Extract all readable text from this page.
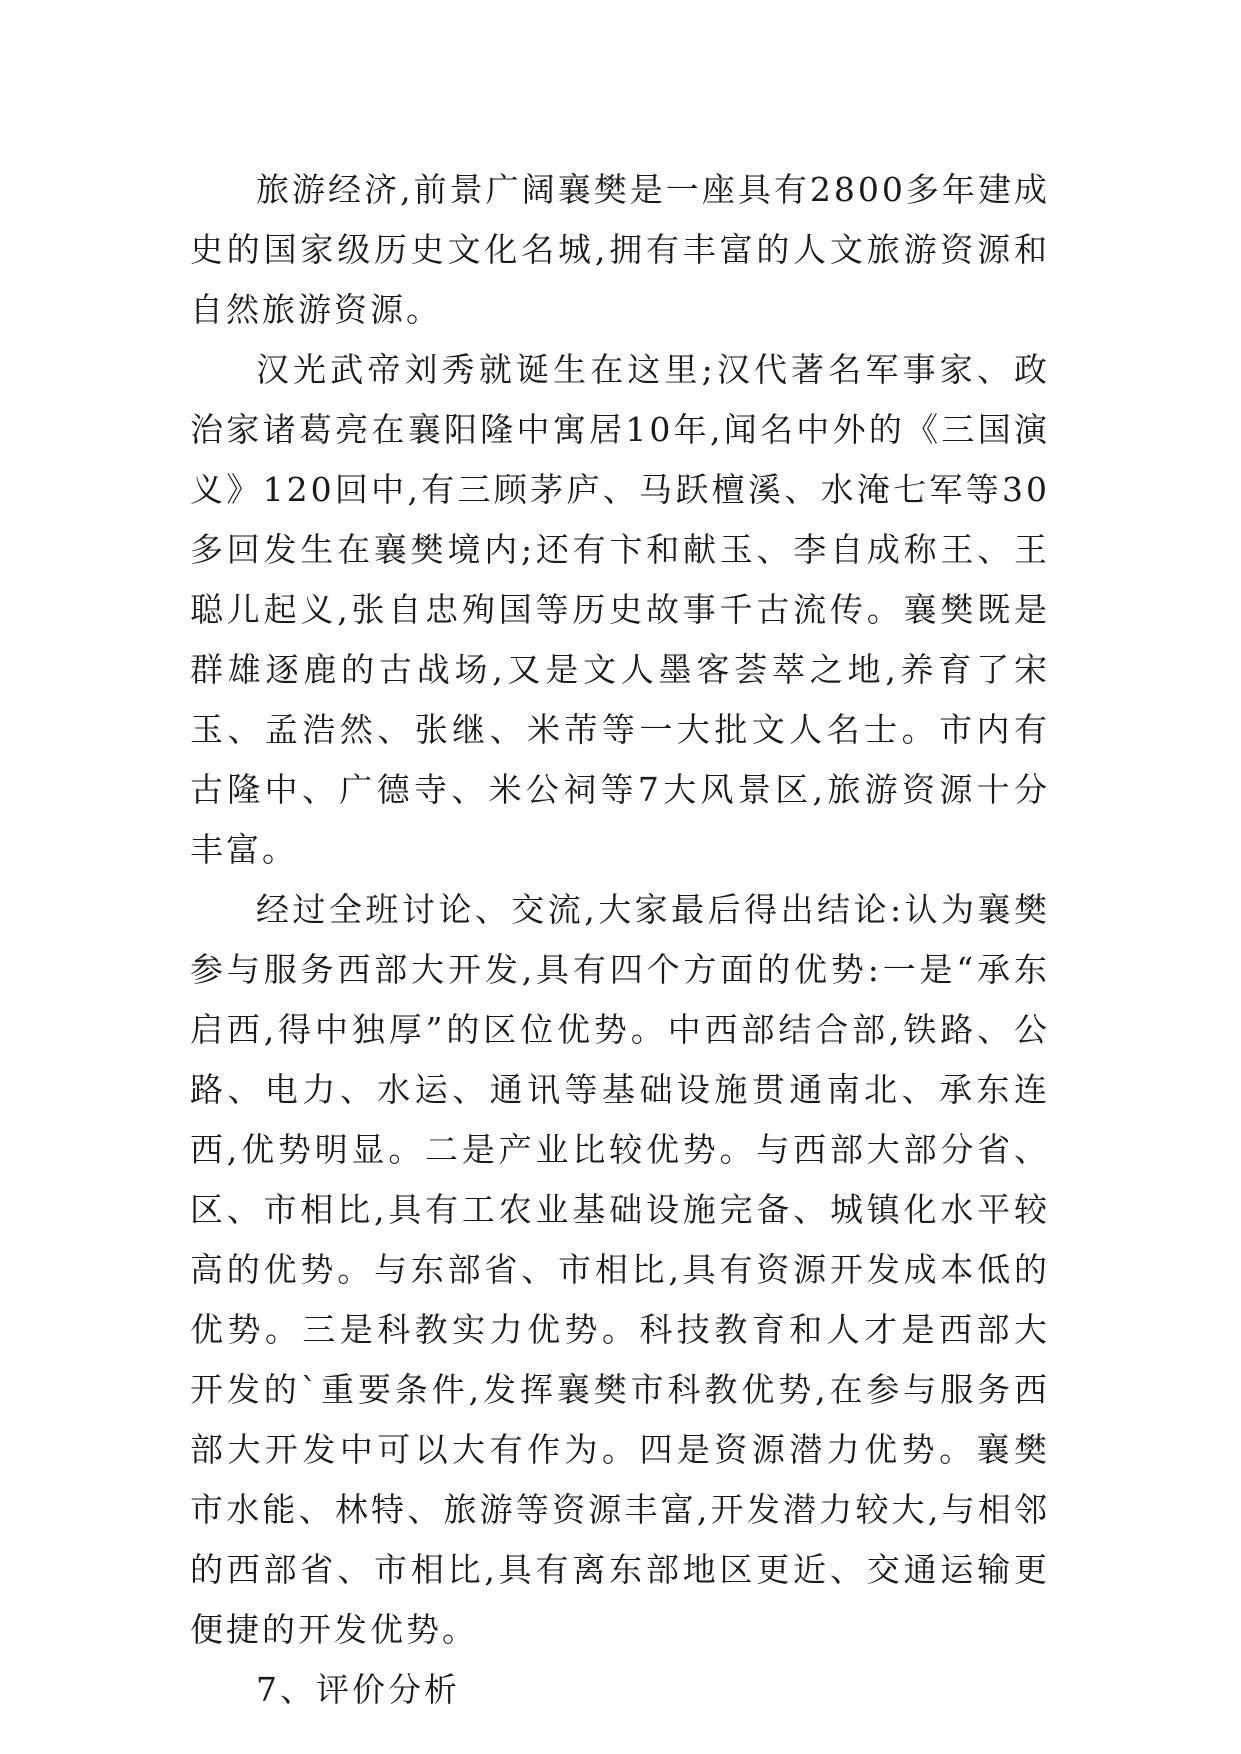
旅游经济,前景广阔襄樊是一座具有2800多年建成史的国家级历史文化名城,拥有丰富的人文旅游资源和自然旅游资源。

汉光武帝刘秀就诞生在这里;汉代著名军事家、政治家诸葛亮在襄阳隆中寓居10年,闻名中外的《三国演义》120回中,有三顾茅庐、马跃檀溪、水淹七军等30多回发生在襄樊境内;还有卞和献玉、李自成称王、王聪儿起义,张自忠殉国等历史故事千古流传。襄樊既是群雄逐鹿的古战场,又是文人墨客荟萃之地,养育了宋玉、孟浩然、张继、米芾等一大批文人名士。市内有古隆中、广德寺、米公祠等7大风景区,旅游资源十分丰富。

经过全班讨论、交流,大家最后得出结论:认为襄樊参与服务西部大开发,具有四个方面的优势:一是“承东启西,得中独厚”的区位优势。中西部结合部,铁路、公路、电力、水运、通讯等基础设施贯通南北、承东连西,优势明显。二是产业比较优势。与西部大部分省、区、市相比,具有工农业基础设施完备、城镇化水平较高的优势。与东部省、市相比,具有资源开发成本低的优势。三是科教实力优势。科技教育和人才是西部大开发的`重要条件,发挥襄樊市科教优势,在参与服务西部大开发中可以大有作为。四是资源潜力优势。襄樊市水能、林特、旅游等资源丰富,开发潜力较大,与相邻的西部省、市相比,具有离东部地区更近、交通运输更便捷的开发优势。

7、评价分析
